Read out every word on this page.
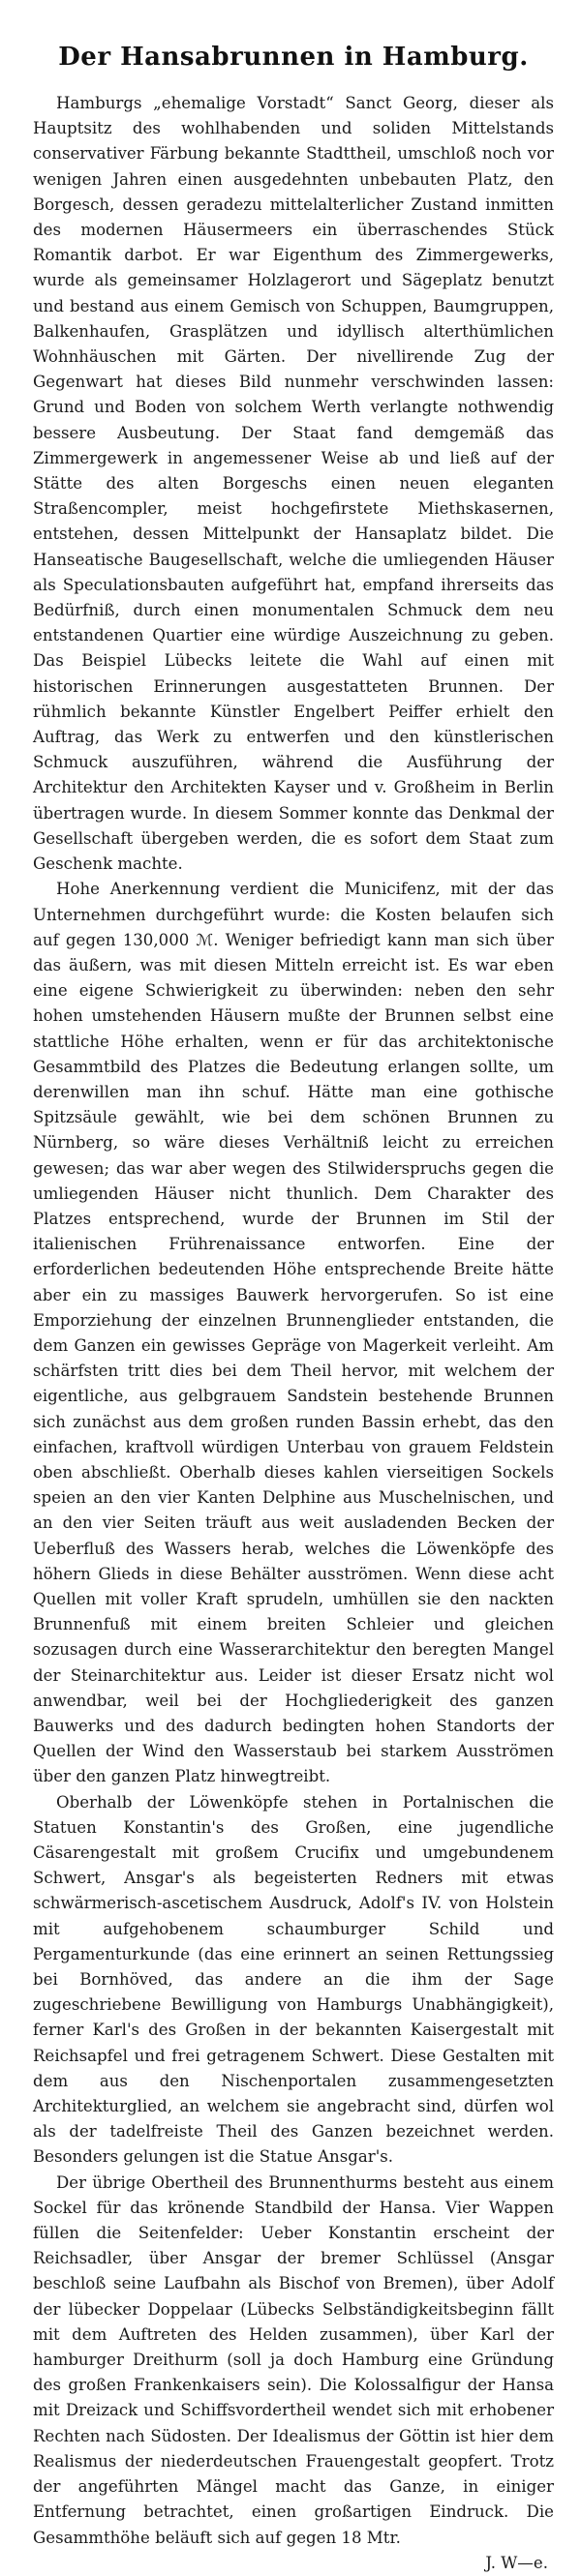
Der Hansabrunnen in Hamburg.

Hamburgs „ehemalige Vorstadt“ Sanct Georg, dieser als Hauptsitz des wohlhabenden und soliden Mittelstands conservativer Färbung bekannte Stadttheil, umschloß noch vor wenigen Jahren einen ausgedehnten unbebauten Platz, den Borgesch, dessen geradezu mittelalterlicher Zustand inmitten des modernen Häusermeers ein überraschendes Stück Romantik darbot. Er war Eigenthum des Zimmergewerks, wurde als gemeinsamer Holzlagerort und Sägeplatz benutzt und bestand aus einem Gemisch von Schuppen, Baumgruppen, Balkenhaufen, Grasplätzen und idyllisch alterthümlichen Wohnhäuschen mit Gärten. Der nivellirende Zug der Gegenwart hat dieses Bild nunmehr verschwinden lassen: Grund und Boden von solchem Werth verlangte nothwendig bessere Ausbeutung. Der Staat fand demgemäß das Zimmergewerk in angemessener Weise ab und ließ auf der Stätte des alten Borgeschs einen neuen eleganten Straßencompler, meist hochgefirstete Miethskasernen, entstehen, dessen Mittelpunkt der Hansaplatz bildet. Die Hanseatische Baugesellschaft, welche die umliegenden Häuser als Speculationsbauten aufgeführt hat, empfand ihrerseits das Bedürfniß, durch einen monumentalen Schmuck dem neu entstandenen Quartier eine würdige Auszeichnung zu geben. Das Beispiel Lübecks leitete die Wahl auf einen mit historischen Erinnerungen ausgestatteten Brunnen. Der rühmlich bekannte Künstler Engelbert Peiffer erhielt den Auftrag, das Werk zu entwerfen und den künstlerischen Schmuck auszuführen, während die Ausführung der Architektur den Architekten Kayser und v. Großheim in Berlin übertragen wurde. In diesem Sommer konnte das Denkmal der Gesellschaft übergeben werden, die es sofort dem Staat zum Geschenk machte.

Hohe Anerkennung verdient die Municifenz, mit der das Unternehmen durchgeführt wurde: die Kosten belaufen sich auf gegen 130,000 ℳ. Weniger befriedigt kann man sich über das äußern, was mit diesen Mitteln erreicht ist. Es war eben eine eigene Schwierigkeit zu überwinden: neben den sehr hohen umstehenden Häusern mußte der Brunnen selbst eine stattliche Höhe erhalten, wenn er für das architektonische Gesammtbild des Platzes die Bedeutung erlangen sollte, um derenwillen man ihn schuf. Hätte man eine gothische Spitzsäule gewählt, wie bei dem schönen Brunnen zu Nürnberg, so wäre dieses Verhältniß leicht zu erreichen gewesen; das war aber wegen des Stilwiderspruchs gegen die umliegenden Häuser nicht thunlich. Dem Charakter des Platzes entsprechend, wurde der Brunnen im Stil der italienischen Frührenaissance entworfen. Eine der erforderlichen bedeutenden Höhe entsprechende Breite hätte aber ein zu massiges Bauwerk hervorgerufen. So ist eine Emporziehung der einzelnen Brunnenglieder entstanden, die dem Ganzen ein gewisses Gepräge von Magerkeit verleiht. Am schärfsten tritt dies bei dem Theil hervor, mit welchem der eigentliche, aus gelbgrauem Sandstein bestehende Brunnen sich zunächst aus dem großen runden Bassin erhebt, das den einfachen, kraftvoll würdigen Unterbau von grauem Feldstein oben abschließt. Oberhalb dieses kahlen vierseitigen Sockels speien an den vier Kanten Delphine aus Muschelnischen, und an den vier Seiten träuft aus weit ausladenden Becken der Ueberfluß des Wassers herab, welches die Löwenköpfe des höhern Glieds in diese Behälter ausströmen. Wenn diese acht Quellen mit voller Kraft sprudeln, umhüllen sie den nackten Brunnenfuß mit einem breiten Schleier und gleichen sozusagen durch eine Wasserarchitektur den beregten Mangel der Steinarchitektur aus. Leider ist dieser Ersatz nicht wol anwendbar, weil bei der Hochgliederigkeit des ganzen Bauwerks und des dadurch bedingten hohen Standorts der Quellen der Wind den Wasserstaub bei starkem Ausströmen über den ganzen Platz hinwegtreibt.

Oberhalb der Löwenköpfe stehen in Portalnischen die Statuen Konstantin's des Großen, eine jugendliche Cäsarengestalt mit großem Crucifix und umgebundenem Schwert, Ansgar's als begeisterten Redners mit etwas schwärmerisch-ascetischem Ausdruck, Adolf's IV. von Holstein mit aufgehobenem schaumburger Schild und Pergamenturkunde (das eine erinnert an seinen Rettungssieg bei Bornhöved, das andere an die ihm der Sage zugeschriebene Bewilligung von Hamburgs Unabhängigkeit), ferner Karl's des Großen in der bekannten Kaisergestalt mit Reichsapfel und frei getragenem Schwert. Diese Gestalten mit dem aus den Nischenportalen zusammengesetzten Architekturglied, an welchem sie angebracht sind, dürfen wol als der tadelfreiste Theil des Ganzen bezeichnet werden. Besonders gelungen ist die Statue Ansgar's.

Der übrige Obertheil des Brunnenthurms besteht aus einem Sockel für das krönende Standbild der Hansa. Vier Wappen füllen die Seitenfelder: Ueber Konstantin erscheint der Reichsadler, über Ansgar der bremer Schlüssel (Ansgar beschloß seine Laufbahn als Bischof von Bremen), über Adolf der lübecker Doppelaar (Lübecks Selbständigkeitsbeginn fällt mit dem Auftreten des Helden zusammen), über Karl der hamburger Dreithurm (soll ja doch Hamburg eine Gründung des großen Frankenkaisers sein). Die Kolossalfigur der Hansa mit Dreizack und Schiffsvordertheil wendet sich mit erhobener Rechten nach Südosten. Der Idealismus der Göttin ist hier dem Realismus der niederdeutschen Frauengestalt geopfert. Trotz der angeführten Mängel macht das Ganze, in einiger Entfernung betrachtet, einen großartigen Eindruck. Die Gesammthöhe beläuft sich auf gegen 18 Mtr.

J. W—e.
